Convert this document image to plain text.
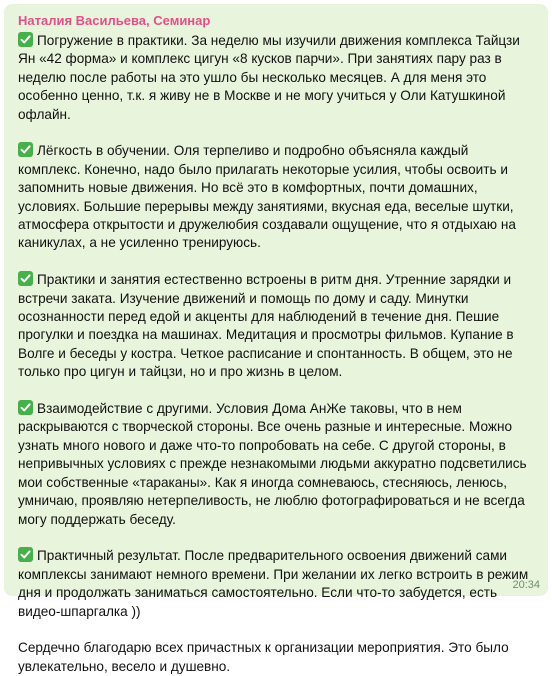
Наталия Васильева, Семинар
Погружение в практики. За неделю мы изучили движения комплекса Тайцзи Ян «42 форма» и комплекс цигун «8 кусков парчи». При занятиях пару раз в неделю после работы на это ушло бы несколько месяцев. А для меня это особенно ценно, т.к. я живу не в Москве и не могу учиться у Оли Катушкиной офлайн.
Лёгкость в обучении. Оля терпеливо и подробно объясняла каждый комплекс. Конечно, надо было прилагать некоторые усилия, чтобы освоить и запомнить новые движения. Но всё это в комфортных, почти домашних, условиях. Большие перерывы между занятиями, вкусная еда, веселые шутки, атмосфера открытости и дружелюбия создавали ощущение, что я отдыхаю на каникулах, а не усиленно тренируюсь.
Практики и занятия естественно встроены в ритм дня. Утренние зарядки и встречи заката. Изучение движений и помощь по дому и саду. Минутки осознанности перед едой и акценты для наблюдений в течение дня. Пешие прогулки и поездка на машинах. Медитация и просмотры фильмов. Купание в Волге и беседы у костра. Четкое расписание и спонтанность. В общем, это не только про цигун и тайцзи, но и про жизнь в целом.
Взаимодействие с другими. Условия Дома АнЖе таковы, что в нем раскрываются с творческой стороны. Все очень разные и интересные. Можно узнать много нового и даже что-то попробовать на себе. С другой стороны, в непривычных условиях с прежде незнакомыми людьми аккуратно подсветились мои собственные «тараканы». Как я иногда сомневаюсь, стесняюсь, ленюсь, умничаю, проявляю нетерпеливость, не люблю фотографироваться и не всегда могу поддержать беседу.
Практичный результат. После предварительного освоения движений сами комплексы занимают немного времени. При желании их легко встроить в режим дня и продолжать заниматься самостоятельно. Если что-то забудется, есть видео-шпаргалка ))
Сердечно благодарю всех причастных к организации мероприятия. Это было увлекательно, весело и душевно.
20:34
